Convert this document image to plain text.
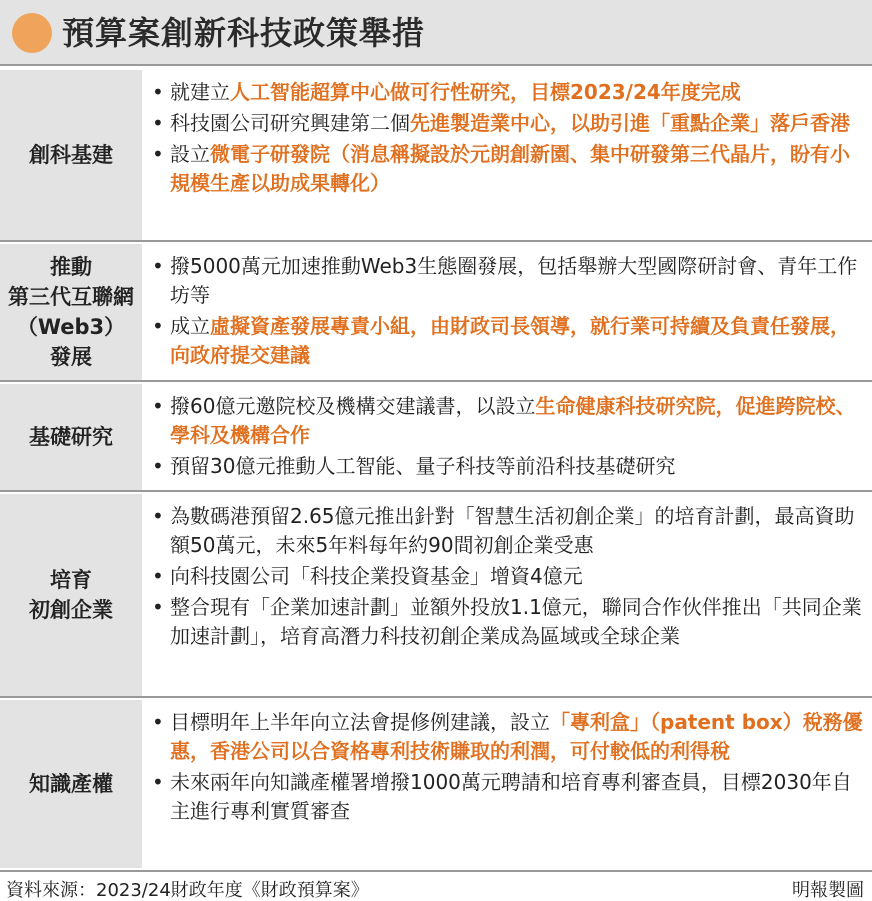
預算案創新科技政策舉措
創科基建
• 就建立人工智能超算中心做可行性研究，目標2023/24年度完成
• 科技園公司研究興建第二個先進製造業中心，以助引進「重點企業」落戶香港
• 設立微電子研發院（消息稱擬設於元朗創新園、集中研發第三代晶片，盼有小規模生產以助成果轉化）
推動
第三代互聯網
（Web3）
發展
• 撥5000萬元加速推動Web3生態圈發展，包括舉辦大型國際研討會、青年工作坊等
• 成立虛擬資產發展專責小組，由財政司長領導，就行業可持續及負責任發展，向政府提交建議
基礎研究
• 撥60億元邀院校及機構交建議書，以設立生命健康科技研究院，促進跨院校、學科及機構合作
• 預留30億元推動人工智能、量子科技等前沿科技基礎研究
培育
初創企業
• 為數碼港預留2.65億元推出針對「智慧生活初創企業」的培育計劃，最高資助額50萬元，未來5年料每年約90間初創企業受惠
• 向科技園公司「科技企業投資基金」增資4億元
• 整合現有「企業加速計劃」並額外投放1.1億元，聯同合作伙伴推出「共同企業加速計劃」，培育高潛力科技初創企業成為區域或全球企業
知識產權
• 目標明年上半年向立法會提修例建議，設立「專利盒」（patent box）稅務優惠，香港公司以合資格專利技術賺取的利潤，可付較低的利得稅
• 未來兩年向知識產權署增撥1000萬元聘請和培育專利審查員，目標2030年自主進行專利實質審查
資料來源：2023/24財政年度《財政預算案》	明報製圖
